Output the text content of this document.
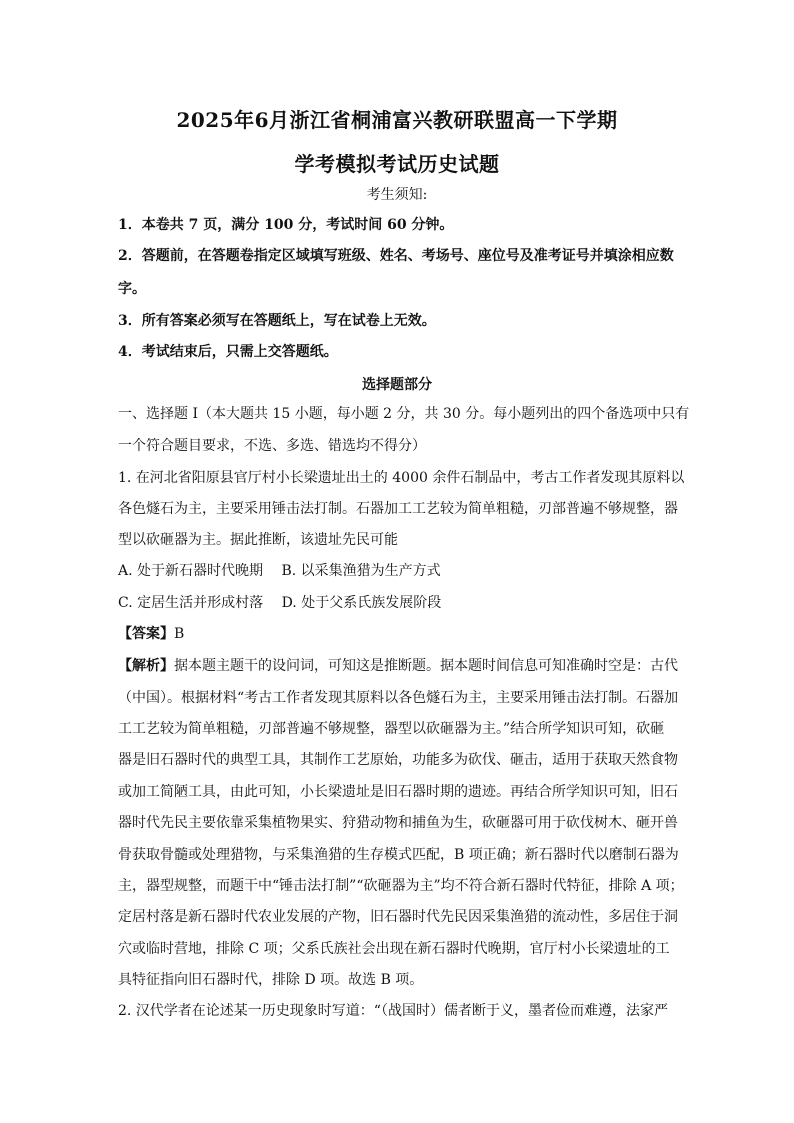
2025年6月浙江省桐浦富兴教研联盟高一下学期
学考模拟考试历史试题
考生须知:
1．本卷共 7 页，满分 100 分，考试时间 60 分钟。
2．答题前，在答题卷指定区域填写班级、姓名、考场号、座位号及准考证号并填涂相应数
字。
3．所有答案必须写在答题纸上，写在试卷上无效。
4．考试结束后，只需上交答题纸。
选择题部分
一、选择题 I（本大题共 15 小题，每小题 2 分，共 30 分。每小题列出的四个备选项中只有
一个符合题目要求，不选、多选、错选均不得分）
1. 在河北省阳原县官厅村小长梁遗址出土的 4000 余件石制品中，考古工作者发现其原料以
各色燧石为主，主要采用锤击法打制。石器加工工艺较为简单粗糙，刃部普遍不够规整，器
型以砍砸器为主。据此推断，该遗址先民可能
A. 处于新石器时代晚期　 B. 以采集渔猎为生产方式
C. 定居生活并形成村落　 D. 处于父系氏族发展阶段
【答案】B
【解析】据本题主题干的设问词，可知这是推断题。据本题时间信息可知准确时空是：古代
（中国）。根据材料“考古工作者发现其原料以各色燧石为主，主要采用锤击法打制。石器加
工工艺较为简单粗糙，刃部普遍不够规整，器型以砍砸器为主。”结合所学知识可知，砍砸
器是旧石器时代的典型工具，其制作工艺原始，功能多为砍伐、砸击，适用于获取天然食物
或加工简陋工具，由此可知，小长梁遗址是旧石器时期的遗迹。再结合所学知识可知，旧石
器时代先民主要依靠采集植物果实、狩猎动物和捕鱼为生，砍砸器可用于砍伐树木、砸开兽
骨获取骨髓或处理猎物，与采集渔猎的生存模式匹配，B 项正确；新石器时代以磨制石器为
主，器型规整，而题干中“锤击法打制”“砍砸器为主”均不符合新石器时代特征，排除 A 项；
定居村落是新石器时代农业发展的产物，旧石器时代先民因采集渔猎的流动性，多居住于洞
穴或临时营地，排除 C 项；父系氏族社会出现在新石器时代晚期，官厅村小长梁遗址的工
具特征指向旧石器时代，排除 D 项。故选 B 项。
2. 汉代学者在论述某一历史现象时写道：“（战国时）儒者断于义，墨者俭而难遵，法家严
